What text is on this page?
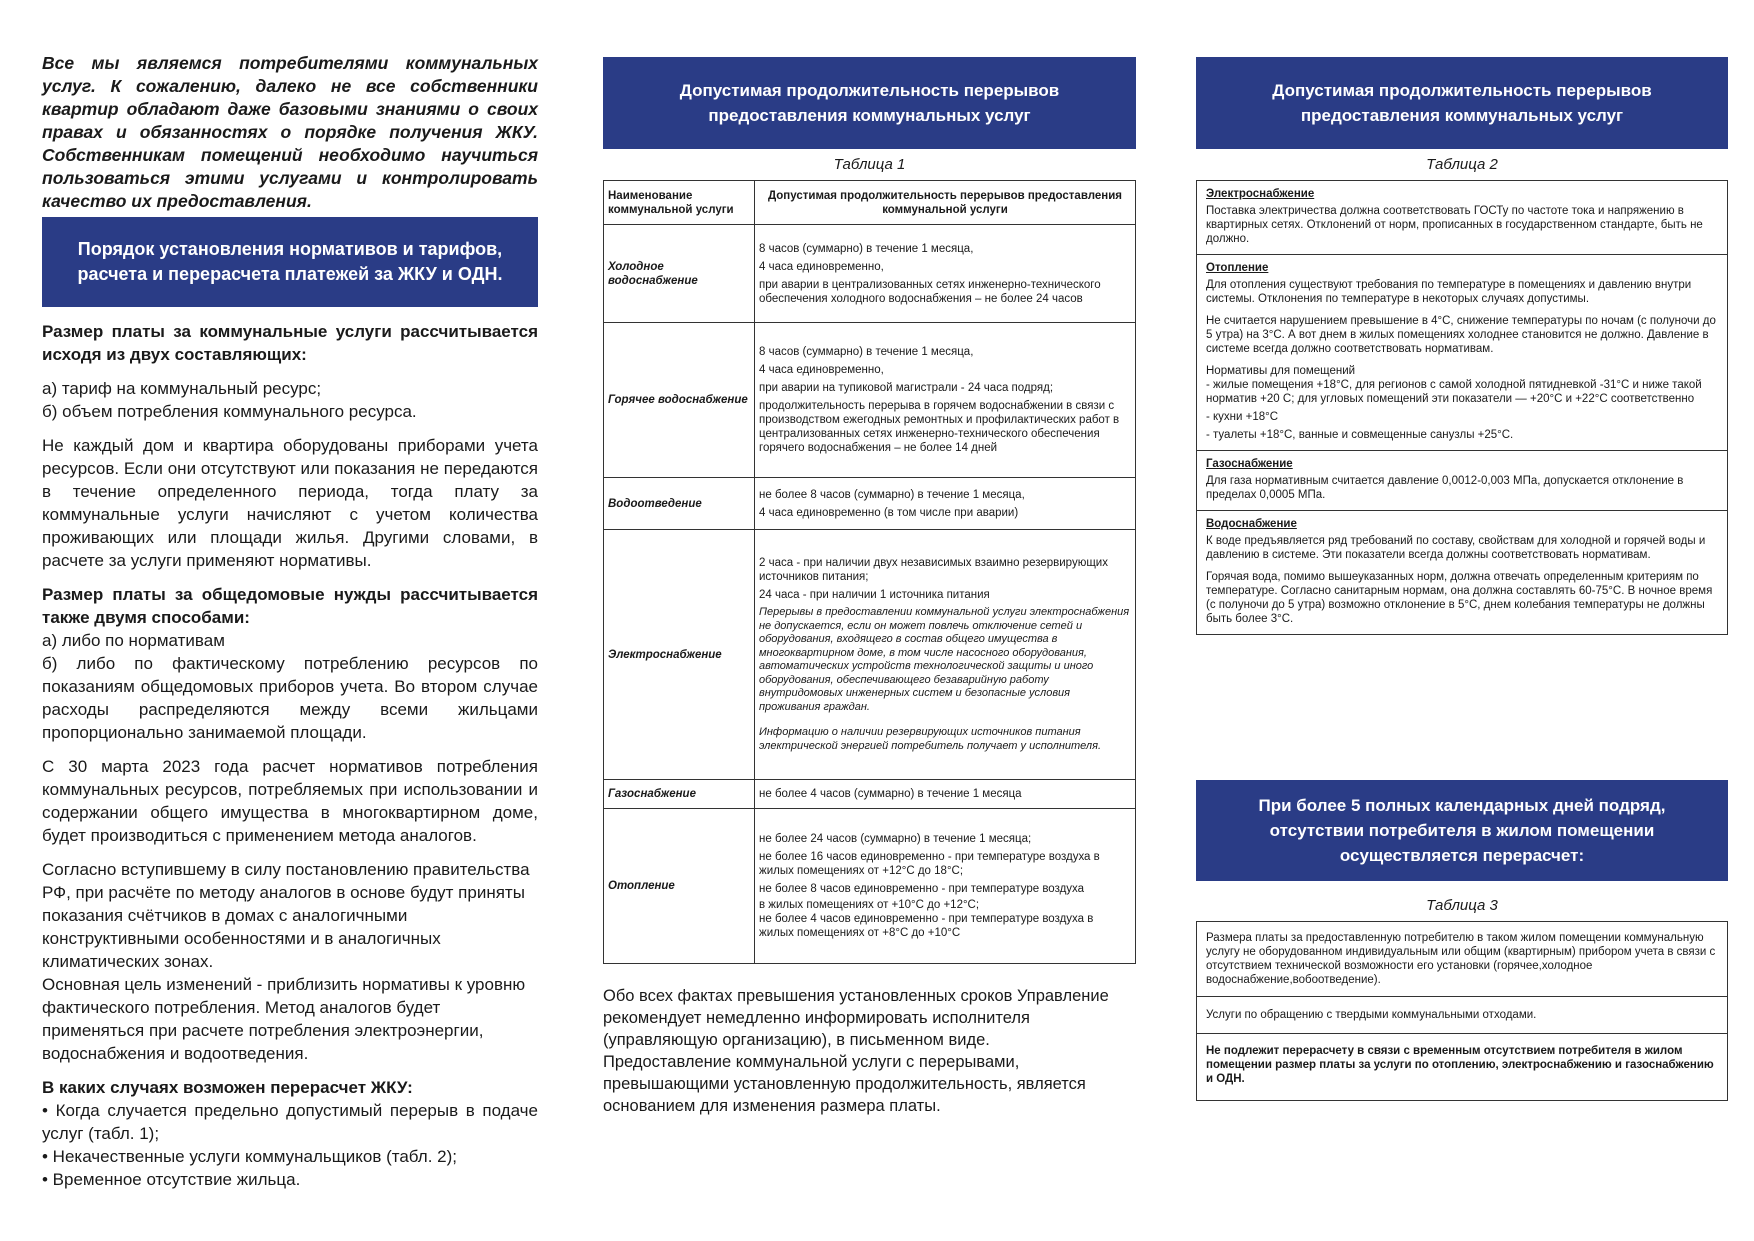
Все мы являемся потребителями коммунальных услуг. К сожалению, далеко не все собственники квартир обладают даже базовыми знаниями о своих правах и обязанностях о порядке получения ЖКУ. Собственникам помещений необходимо научиться пользоваться этими услугами и контролировать качество их предоставления.

Порядок установления нормативов и тарифов,
расчета и перерасчета платежей за ЖКУ и ОДН.

Размер платы за коммунальные услуги рассчитывается исходя из двух составляющих:

а) тариф на коммунальный ресурс;

б) объем потребления коммунального ресурса.

Не каждый дом и квартира оборудованы приборами учета ресурсов. Если они отсутствуют или показания не передаются в течение определенного периода, тогда плату за коммунальные услуги начисляют с учетом количества проживающих или площади жилья. Другими словами, в расчете за услуги применяют нормативы.

Размер платы за общедомовые нужды рассчитывается также двумя способами:

а) либо по нормативам

б) либо по фактическому потреблению ресурсов по показаниям общедомовых приборов учета. Во втором случае расходы распределяются между всеми жильцами пропорционально занимаемой площади.

С 30 марта 2023 года расчет нормативов потребления коммунальных ресурсов, потребляемых при использовании и содержании общего имущества в многоквартирном доме, будет производиться с применением метода аналогов.

Согласно вступившему в силу постановлению правительства РФ, при расчёте по методу аналогов в основе будут приняты показания счётчиков в домах с аналогичными конструктивными особенностями и в аналогичных климатических зонах.

Основная цель изменений - приблизить нормативы к уровню фактического потребления. Метод аналогов будет применяться при расчете потребления электроэнергии, водоснабжения и водоотведения.

В каких случаях возможен перерасчет ЖКУ:

• Когда случается предельно допустимый перерыв в подаче услуг (табл. 1);

• Некачественные услуги коммунальщиков (табл. 2);

• Временное отсутствие жильца.

Допустимая продолжительность перерывов
предоставления коммунальных услуг
Таблица 1
Наименование коммунальной услуги	Допустимая продолжительность перерывов предоставления коммунальной услуги
Холодное водоснабжение	8 часов (суммарно) в течение 1 месяца,

4 часа единовременно,

при аварии в централизованных сетях инженерно-технического обеспечения холодного водоснабжения – не более 24 часов

Горячее водоснабжение	8 часов (суммарно) в течение 1 месяца,

4 часа единовременно,

при аварии на тупиковой магистрали - 24 часа подряд;

продолжительность перерыва в горячем водоснабжении в связи с производством ежегодных ремонтных и профилактических работ в централизованных сетях инженерно-технического обеспечения горячего водоснабжения – не более 14 дней

Водоотведение	не более 8 часов (суммарно) в течение 1 месяца,

4 часа единовременно (в том числе при аварии)

Электроснабжение	2 часа - при наличии двух независимых взаимно резервирующих источников питания;

24 часа - при наличии 1 источника питания

Перерывы в предоставлении коммунальной услуги электроснабжения не допускается, если он может повлечь отключение сетей и оборудования, входящего в состав общего имущества в многоквартирном доме, в том числе насосного оборудования, автоматических устройств технологической защиты и иного оборудования, обеспечивающего безаварийную работу внутридомовых инженерных систем и безопасные условия проживания граждан.

Информацию о наличии резервирующих источников питания электрической энергией потребитель получает у исполнителя.

Газоснабжение	не более 4 часов (суммарно) в течение 1 месяца

Отопление	не более 24 часов (суммарно) в течение 1 месяца;

не более 16 часов единовременно - при температуре воздуха в жилых помещениях от +12°С до 18°С;

не более 8 часов единовременно - при температуре воздуха

в жилых помещениях от +10°С до +12°С;

не более 4 часов единовременно - при температуре воздуха в жилых помещениях от +8°С до +10°С

Обо всех фактах превышения установленных сроков Управление рекомендует немедленно информировать исполнителя (управляющую организацию), в письменном виде.

Предоставление коммунальной услуги с перерывами, превышающими установленную продолжительность, является основанием для изменения размера платы.

Допустимая продолжительность перерывов
предоставления коммунальных услуг
Таблица 2
Электроснабжение

Поставка электричества должна соответствовать ГОСТу по частоте тока и напряжению в квартирных сетях. Отклонений от норм, прописанных в государственном стандарте, быть не должно.

Отопление

Для отопления существуют требования по температуре в помещениях и давлению внутри системы. Отклонения по температуре в некоторых случаях допустимы.

Не считается нарушением превышение в 4°С, снижение температуры по ночам (с полуночи до 5 утра) на 3°С. А вот днем в жилых помещениях холоднее становится не должно. Давление в системе всегда должно соответствовать нормативам.

Нормативы для помещений

- жилые помещения +18°С, для регионов с самой холодной пятидневкой -31°С и ниже такой норматив +20 С; для угловых помещений эти показатели — +20°С и +22°С соответственно

- кухни +18°С

- туалеты +18°С, ванные и совмещенные санузлы +25°С.

Газоснабжение

Для газа нормативным считается давление 0,0012-0,003 МПа, допускается отклонение в пределах 0,0005 МПа.

Водоснабжение

К воде предъявляется ряд требований по составу, свойствам для холодной и горячей воды и давлению в системе. Эти показатели всегда должны соответствовать нормативам.

Горячая вода, помимо вышеуказанных норм, должна отвечать определенным критериям по температуре. Согласно санитарным нормам, она должна составлять 60-75°С. В ночное время (с полуночи до 5 утра) возможно отклонение в 5°С, днем колебания температуры не должны быть более 3°С.

При более 5 полных календарных дней подряд,
отсутствии потребителя в жилом помещении
осуществляется перерасчет:
Таблица 3
Размера платы за предоставленную потребителю в таком жилом помещении коммунальную услугу не оборудованном индивидуальным или общим (квартирным) прибором учета в связи с отсутствием технической возможности его установки (горячее,холодное водоснабжение,вобоотведение).
Услуги по обращению с твердыми коммунальными отходами.
Не подлежит перерасчету в связи с временным отсутствием потребителя в жилом помещении размер платы за услуги по отоплению, электроснабжению и газоснабжению и ОДН.
